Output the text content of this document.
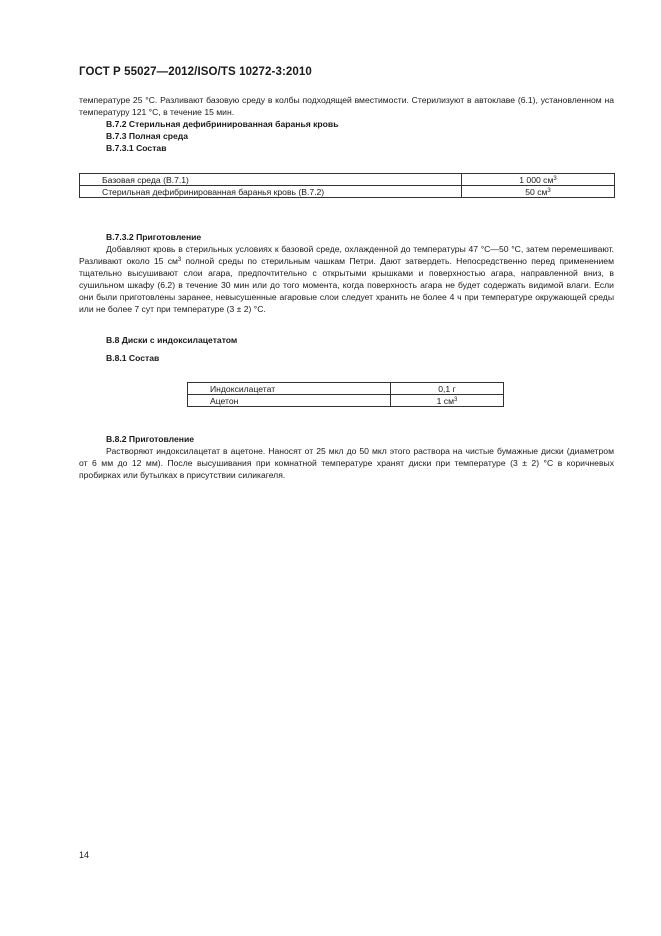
ГОСТ Р 55027—2012/ISO/TS 10272-3:2010
температуре 25 °С. Разливают базовую среду в колбы подходящей вместимости. Стерилизуют в автоклаве (6.1), установленном на температуру 121 °С, в течение 15 мин.
В.7.2 Стерильная дефибринированная баранья кровь
В.7.3 Полная среда
В.7.3.1 Состав
Базовая среда (В.7.1)	1 000 $см^3$
Стерильная дефибринированная баранья кровь (В.7.2)	50 $см^3$
В.7.3.2 Приготовление
Добавляют кровь в стерильных условиях к базовой среде, охлажденной до температуры 47 °С—50 °С, затем перемешивают. Разливают около 15 $см^3$ полной среды по стерильным чашкам Петри. Дают затвердеть. Непосредственно перед применением тщательно высушивают слои агара, предпочтительно с открытыми крышками и поверхностью агара, направленной вниз, в сушильном шкафу (6.2) в течение 30 мин или до того момента, когда поверхность агара не будет содержать видимой влаги. Если они были приготовлены заранее, невысушенные агаровые слои следует хранить не более 4 ч при температуре окружающей среды или не более 7 сут при температуре (3 ± 2) °С.
В.8 Диски с индоксилацетатом
В.8.1 Состав
Индоксилацетат	0,1 г
Ацетон	1 $см^3$
В.8.2 Приготовление
Растворяют индоксилацетат в ацетоне. Наносят от 25 мкл до 50 мкл этого раствора на чистые бумажные диски (диаметром от 6 мм до 12 мм). После высушивания при комнатной температуре хранят диски при температуре (3 ± 2) °С в коричневых пробирках или бутылках в присутствии силикагеля.
14
